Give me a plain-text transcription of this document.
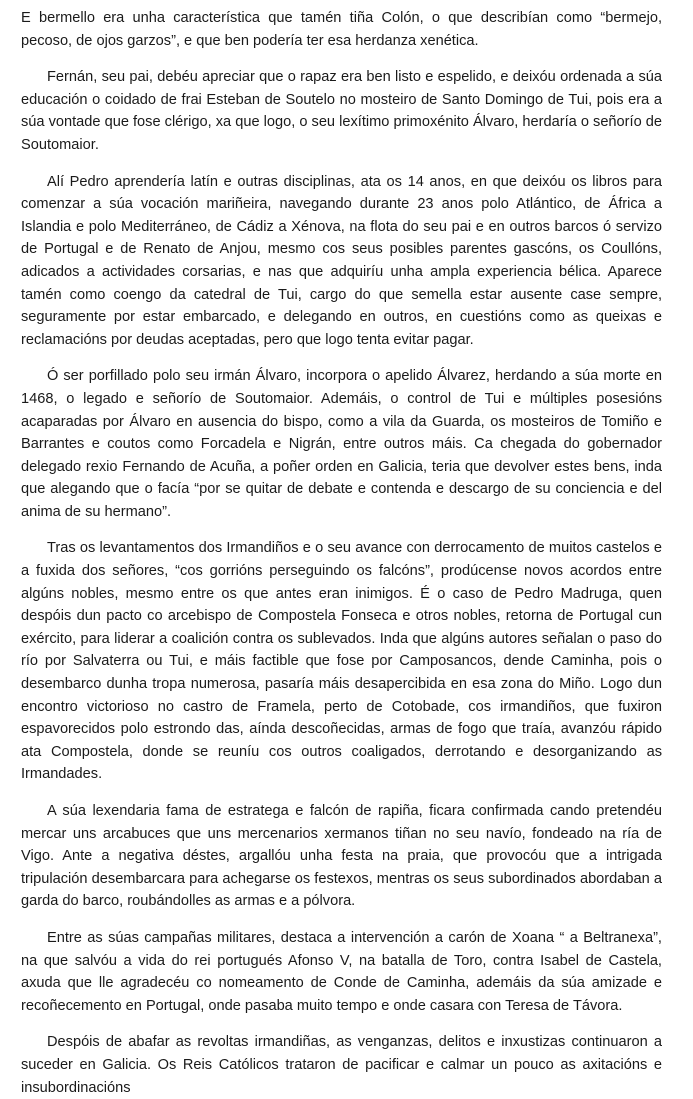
E bermello era unha característica que tamén tiña Colón, o que describían como “bermejo, pecoso, de ojos garzos”, e que ben podería ter esa herdanza xenética.

Fernán, seu pai, debéu apreciar que o rapaz era ben listo e espelido, e deixóu ordenada a súa educación o coidado de frai Esteban de Soutelo no mosteiro de Santo Domingo de Tui, pois era a súa vontade que fose clérigo, xa que logo, o seu lexítimo primoxénito Álvaro, herdaría o señorío de Soutomaior.

Alí Pedro aprendería latín e outras disciplinas, ata os 14 anos, en que deixóu os libros para comenzar a súa vocación mariñeira, navegando durante 23 anos polo Atlántico, de África a Islandia e polo Mediterráneo, de Cádiz a Xénova, na flota do seu pai e en outros barcos ó servizo de Portugal e de Renato de Anjou, mesmo cos seus posibles parentes gascóns, os Coullóns, adicados a actividades corsarias, e nas que adquiríu unha ampla experiencia bélica. Aparece tamén como coengo da catedral de Tui, cargo do que semella estar ausente case sempre, seguramente por estar embarcado, e delegando en outros, en cuestións como as queixas e reclamacións por deudas aceptadas, pero que logo tenta evitar pagar.

Ó ser porfillado polo seu irmán Álvaro, incorpora o apelido Álvarez, herdando a súa morte en 1468, o legado e señorío de Soutomaior. Ademáis, o control de Tui e múltiples posesións acaparadas por Álvaro en ausencia do bispo, como a vila da Guarda, os mosteiros de Tomiño e Barrantes e coutos como Forcadela e Nigrán, entre outros máis. Ca chegada do gobernador delegado rexio Fernando de Acuña, a poñer orden en Galicia, teria que devolver estes bens, inda que alegando que o facía “por se quitar de debate e contenda e descargo de su conciencia e del anima de su hermano”.

Tras os levantamentos dos Irmandiños e o seu avance con derrocamento de muitos castelos e a fuxida dos señores, “cos gorrións perseguindo os falcóns”, prodúcense novos acordos entre algúns nobles, mesmo entre os que antes eran inimigos. É o caso de Pedro Madruga, quen despóis dun pacto co arcebispo de Compostela Fonseca e otros nobles, retorna de Portugal cun exército, para liderar a coalición contra os sublevados. Inda que algúns autores señalan o paso do río por Salvaterra ou Tui, e máis factible que fose por Camposancos, dende Caminha, pois o desembarco dunha tropa numerosa, pasaría máis desapercibida en esa zona do Miño. Logo dun encontro victorioso no castro de Framela, perto de Cotobade, cos irmandiños, que fuxiron espavorecidos polo estrondo das, aínda descoñecidas, armas de fogo que traía, avanzóu rápido ata Compostela, donde se reuníu cos outros coaligados, derrotando e desorganizando as Irmandades.

A súa lexendaria fama de estratega e falcón de rapiña, ficara confirmada cando pretendéu mercar uns arcabuces que uns mercenarios xermanos tiñan no seu navío, fondeado na ría de Vigo. Ante a negativa déstes, argallóu unha festa na praia, que provocóu que a intrigada tripulación desembarcara para achegarse os festexos, mentras os seus subordinados abordaban a garda do barco, roubándolles as armas e a pólvora.

Entre as súas campañas militares, destaca a intervención a carón de Xoana “ a Beltranexa”, na que salvóu a vida do rei portugués Afonso V, na batalla de Toro, contra Isabel de Castela, axuda que lle agradecéu co nomeamento de Conde de Caminha, ademáis da súa amizade e recoñecemento en Portugal, onde pasaba muito tempo e onde casara con Teresa de Távora.

Despóis de abafar as revoltas irmandiñas, as venganzas, delitos e inxustizas continuaron a suceder en Galicia. Os Reis Católicos trataron de pacificar e calmar un pouco as axitacións e insubordinacións
